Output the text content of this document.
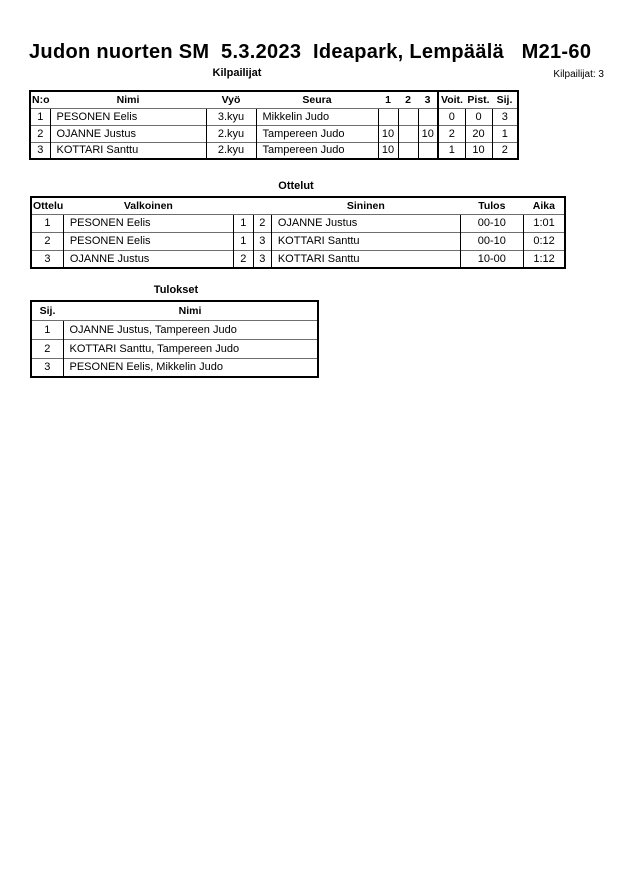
Judon nuorten SM  5.3.2023  Ideapark, Lempäälä   M21-60
Kilpailijat	Kilpailijat: 3
N:o	Nimi	Vyö	Seura	1	2	3	Voit.	Pist.	Sij.
1	PESONEN Eelis	3.kyu	Mikkelin Judo				0	0	3
2	OJANNE Justus	2.kyu	Tampereen Judo	10		10	2	20	1
3	KOTTARI Santtu	2.kyu	Tampereen Judo	10			1	10	2
Ottelut
Ottelu	Valkoinen			Sininen	Tulos	Aika
1	PESONEN Eelis	1	2	OJANNE Justus	00-10	1:01
2	PESONEN Eelis	1	3	KOTTARI Santtu	00-10	0:12
3	OJANNE Justus	2	3	KOTTARI Santtu	10-00	1:12
Tulokset
Sij.	Nimi
1	OJANNE Justus, Tampereen Judo
2	KOTTARI Santtu, Tampereen Judo
3	PESONEN Eelis, Mikkelin Judo
